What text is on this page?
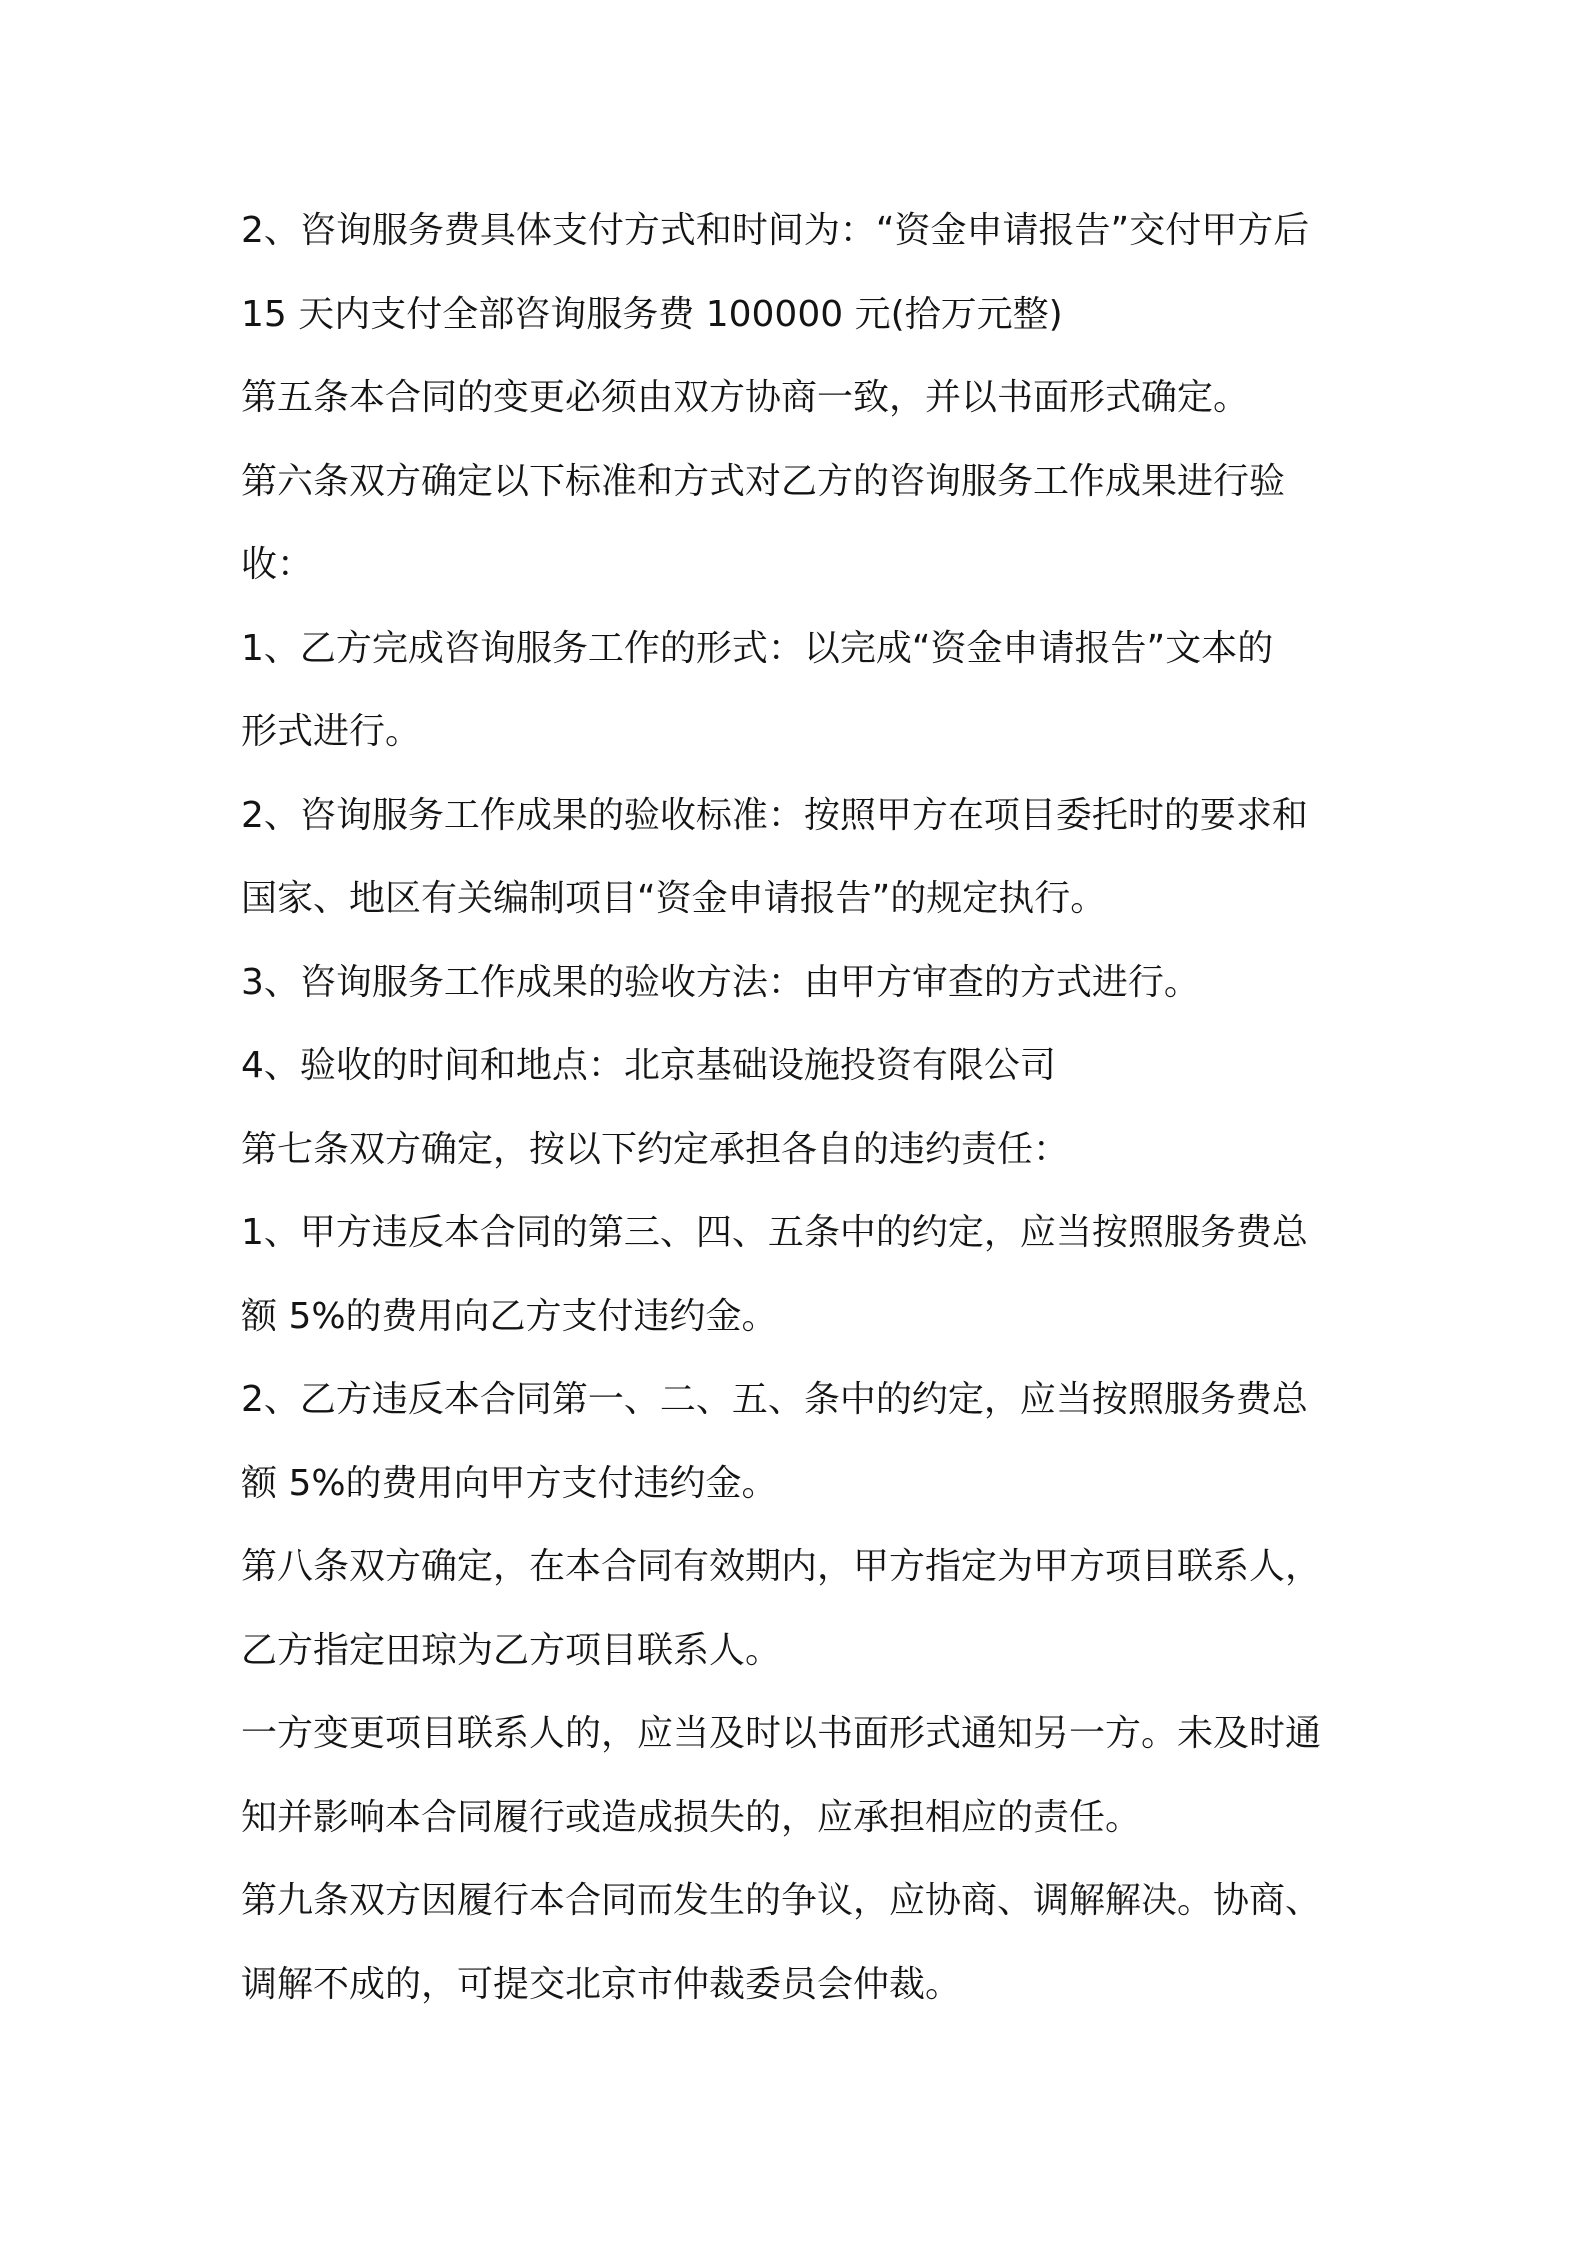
2、咨询服务费具体支付方式和时间为：“资金申请报告”交付甲方后
15 天内支付全部咨询服务费 100000 元(拾万元整)
第五条本合同的变更必须由双方协商一致，并以书面形式确定。
第六条双方确定以下标准和方式对乙方的咨询服务工作成果进行验
收：
1、乙方完成咨询服务工作的形式：以完成“资金申请报告”文本的
形式进行。
2、咨询服务工作成果的验收标准：按照甲方在项目委托时的要求和
国家、地区有关编制项目“资金申请报告”的规定执行。
3、咨询服务工作成果的验收方法：由甲方审查的方式进行。
4、验收的时间和地点：北京基础设施投资有限公司
第七条双方确定，按以下约定承担各自的违约责任：
1、甲方违反本合同的第三、四、五条中的约定，应当按照服务费总
额 5%的费用向乙方支付违约金。
2、乙方违反本合同第一、二、五、条中的约定，应当按照服务费总
额 5%的费用向甲方支付违约金。
第八条双方确定，在本合同有效期内，甲方指定为甲方项目联系人，
乙方指定田琼为乙方项目联系人。
一方变更项目联系人的，应当及时以书面形式通知另一方。未及时通
知并影响本合同履行或造成损失的，应承担相应的责任。
第九条双方因履行本合同而发生的争议，应协商、调解解决。协商、
调解不成的，可提交北京市仲裁委员会仲裁。
